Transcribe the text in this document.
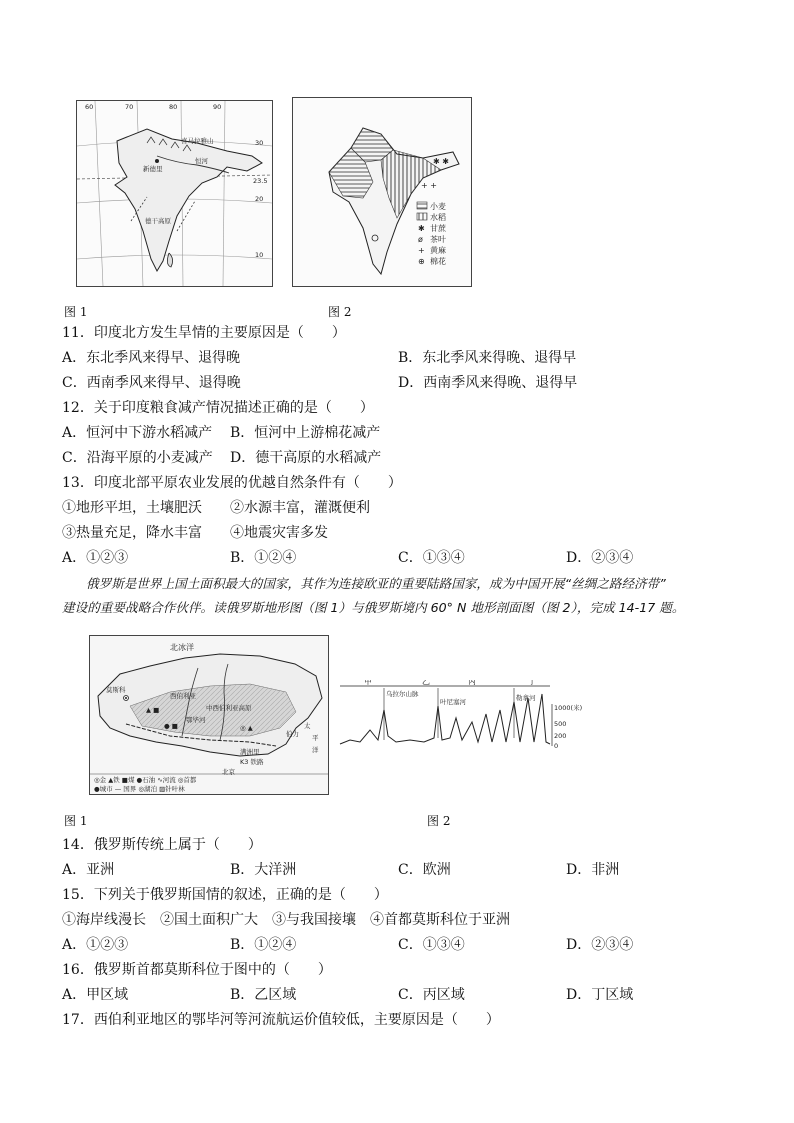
60	70	80	90
30
23.5
20
10
喜马拉雅山
恒河
德干高原
新德里
图 1
✱ ✱
+ +
小麦
水稻
✱ 甘蔗
ø 茶叶
+ 黄麻
⊕ 棉花
图 2
11．印度北方发生旱情的主要原因是（　　）
A．东北季风来得早、退得晚	B．东北季风来得晚、退得早
C．西南季风来得早、退得晚	D．西南季风来得晚、退得早
12．关于印度粮食减产情况描述正确的是（　　）
A．恒河中下游水稻减产 B．恒河中上游棉花减产
C．沿海平原的小麦减产 D．德干高原的水稻减产
13．印度北部平原农业发展的优越自然条件有（　　）
①地形平坦，土壤肥沃 ②水源丰富，灌溉便利
③热量充足，降水丰富 ④地震灾害多发
A．①②③	B．①②④	C．①③④	D．②③④
俄罗斯是世界上国土面积最大的国家，其作为连接欧亚的重要陆路国家，成为中国开展“丝绸之路经济带”
建设的重要战略合作伙伴。读俄罗斯地形图（图 1）与俄罗斯境内 60° N 地形剖面图（图 2），完成 14-17 题。
▲ ■
● ■	◎ ▲
北冰洋
莫斯科
中西伯利亚高原
西伯利亚
太
平
洋
鄂毕河
满洲里
K3 铁路
北京
伯力
◎金 ▲铁 ■煤 ●石油 ∿河流 ◎首都
●城市 — 国界 ◎湖泊 ▨针叶林
图 1
甲	乙	丙	丁
乌拉尔山脉
叶尼塞河	勒拿河
1000(米)
500
200
0
图 2
14．俄罗斯传统上属于（　　）
A．亚洲	B．大洋洲	C．欧洲	D．非洲
15．下列关于俄罗斯国情的叙述，正确的是（　　）
①海岸线漫长　②国土面积广大　③与我国接壤　④首都莫斯科位于亚洲
A．①②③	B．①②④	C．①③④	D．②③④
16．俄罗斯首都莫斯科位于图中的（　　）
A．甲区域	B．乙区域	C．丙区域	D．丁区域
17．西伯利亚地区的鄂毕河等河流航运价值较低，主要原因是（　　）
